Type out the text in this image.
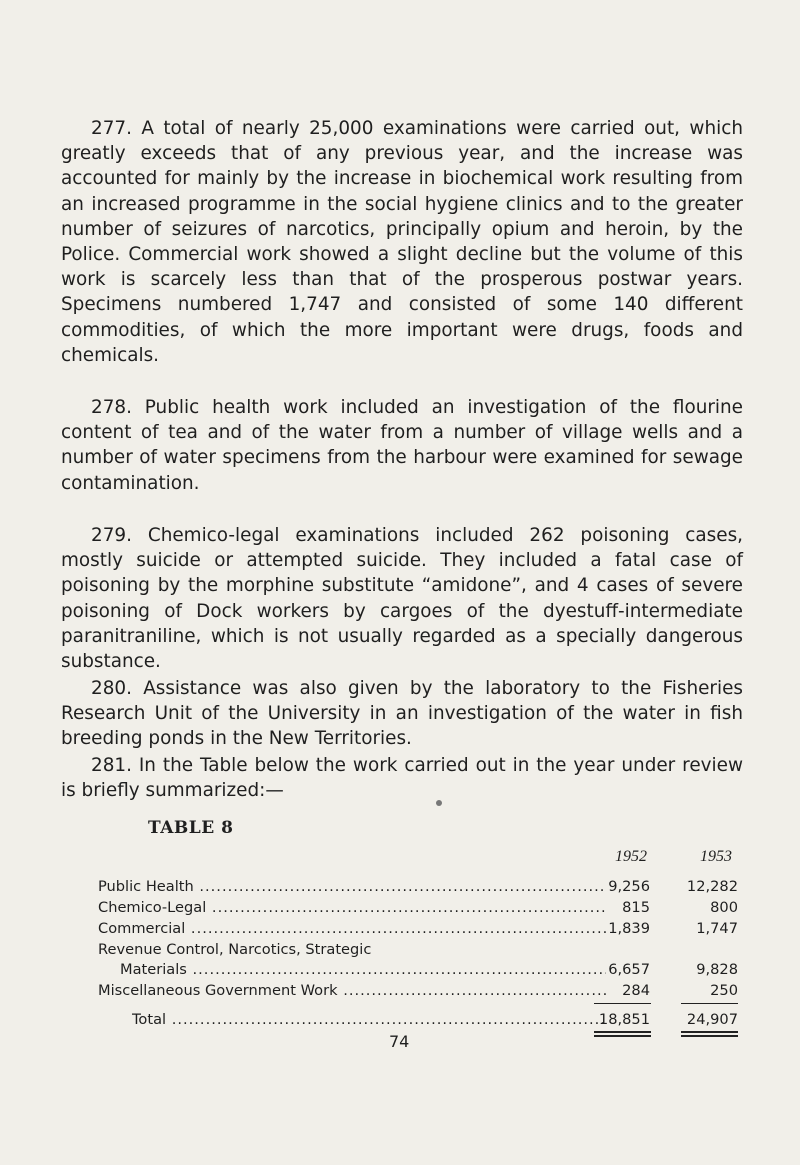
277. A total of nearly 25,000 examinations were carried out, which greatly exceeds that of any previous year, and the increase was accounted for mainly by the increase in biochemical work resulting from an increased programme in the social hygiene clinics and to the greater number of seizures of narcotics, principally opium and heroin, by the Police. Commercial work showed a slight decline but the volume of this work is scarcely less than that of the prosperous postwar years. Specimens numbered 1,747 and consisted of some 140 different commodities, of which the more important were drugs, foods and chemicals.

278. Public health work included an investigation of the flourine content of tea and of the water from a number of village wells and a number of water specimens from the harbour were examined for sewage contamination.

279. Chemico-legal examinations included 262 poisoning cases, mostly suicide or attempted suicide. They included a fatal case of poisoning by the morphine substitute “amidone”, and 4 cases of severe poisoning of Dock workers by cargoes of the dyestuff-intermediate paranitraniline, which is not usually regarded as a specially dangerous substance.

280. Assistance was also given by the laboratory to the Fisheries Research Unit of the University in an investigation of the water in fish breeding ponds in the New Territories.

281. In the Table below the work carried out in the year under review is briefly summarized:—

TABLE 8
1952	1953
Public Health .....	9,256	12,282
Chemico-Legal .....	815	800
Commercial .....	1,839	1,747
Revenue Control, Narcotics, Strategic
Materials .....	6,657	9,828
Miscellaneous Government Work .....	284	250
Total .....	18,851	24,907
74
